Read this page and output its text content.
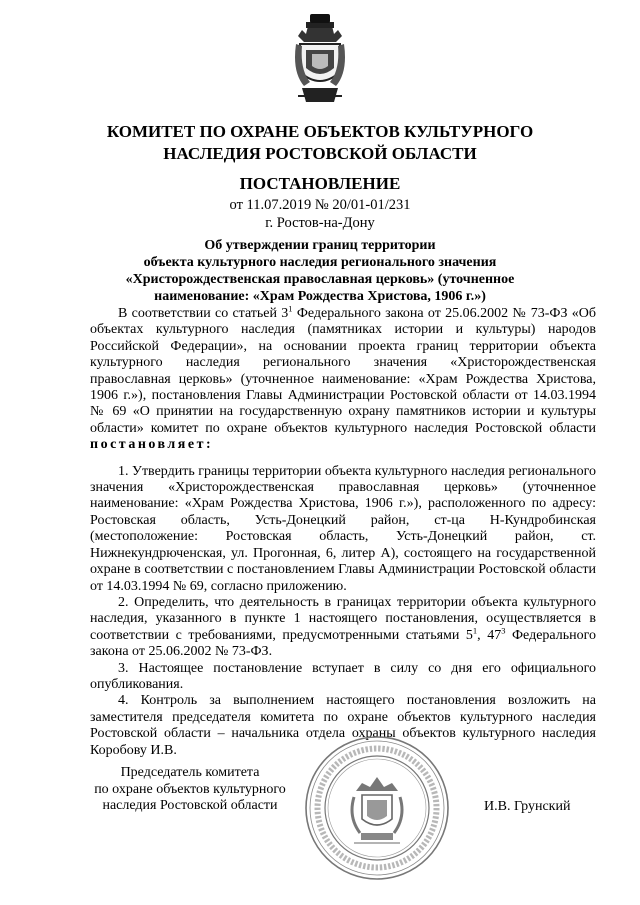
КОМИТЕТ ПО ОХРАНЕ ОБЪЕКТОВ КУЛЬТУРНОГО
НАСЛЕДИЯ РОСТОВСКОЙ ОБЛАСТИ
ПОСТАНОВЛЕНИЕ
от 11.07.2019 № 20/01-01/231
г. Ростов-на-Дону
Об утверждении границ территории
объекта культурного наследия регионального значения
«Христорождественская православная церковь» (уточненное
наименование: «Храм Рождества Христова, 1906 г.»)

В соответствии со статьей $3^1$ Федерального закона от 25.06.2002 № 73-ФЗ «Об объектах культурного наследия (памятниках истории и культуры) народов Российской Федерации», на основании проекта границ территории объекта культурного наследия регионального значения «Христорождественская православная церковь» (уточненное наименование: «Храм Рождества Христова, 1906 г.»), постановления Главы Администрации Ростовской области от 14.03.1994 № 69 «О принятии на государственную охрану памятников истории и культуры области» комитет по охране объектов культурного наследия Ростовской области постановляет:

1. Утвердить границы территории объекта культурного наследия регионального значения «Христорождественская православная церковь» (уточненное наименование: «Храм Рождества Христова, 1906 г.»), расположенного по адресу: Ростовская область, Усть-Донецкий район, ст-ца Н-Кундробинская (местоположение: Ростовская область, Усть-Донецкий район, ст. Нижнекундрюченская, ул. Прогонная, 6, литер А), состоящего на государственной охране в соответствии с постановлением Главы Администрации Ростовской области от 14.03.1994 № 69, согласно приложению.

2. Определить, что деятельность в границах территории объекта культурного наследия, указанного в пункте 1 настоящего постановления, осуществляется в соответствии с требованиями, предусмотренными статьями $5^1$, $47^3$ Федерального закона от 25.06.2002 № 73-ФЗ.

3. Настоящее постановление вступает в силу со дня его официального опубликования.

4. Контроль за выполнением настоящего постановления возложить на заместителя председателя комитета по охране объектов культурного наследия Ростовской области – начальника отдела охраны объектов культурного наследия Коробову И.В.

Председатель комитета
по охране объектов культурного
наследия Ростовской области	И.В. Грунский
